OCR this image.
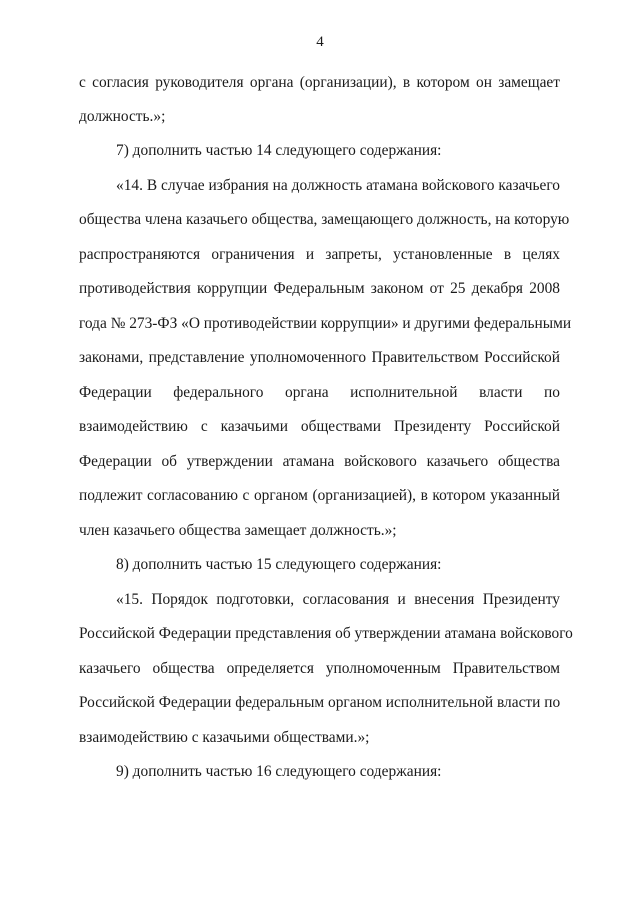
4
с согласия руководителя органа (организации), в котором он замещает
должность.»;
7) дополнить частью 14 следующего содержания:
«14. В случае избрания на должность атамана войскового казачьего
общества члена казачьего общества, замещающего должность, на которую
распространяются ограничения и запреты, установленные в целях
противодействия коррупции Федеральным законом от 25 декабря 2008
года № 273-ФЗ «О противодействии коррупции» и другими федеральными
законами, представление уполномоченного Правительством Российской
Федерации федерального органа исполнительной власти по
взаимодействию с казачьими обществами Президенту Российской
Федерации об утверждении атамана войскового казачьего общества
подлежит согласованию с органом (организацией), в котором указанный
член казачьего общества замещает должность.»;
8) дополнить частью 15 следующего содержания:
«15. Порядок подготовки, согласования и внесения Президенту
Российской Федерации представления об утверждении атамана войскового
казачьего общества определяется уполномоченным Правительством
Российской Федерации федеральным органом исполнительной власти по
взаимодействию с казачьими обществами.»;
9) дополнить частью 16 следующего содержания:
